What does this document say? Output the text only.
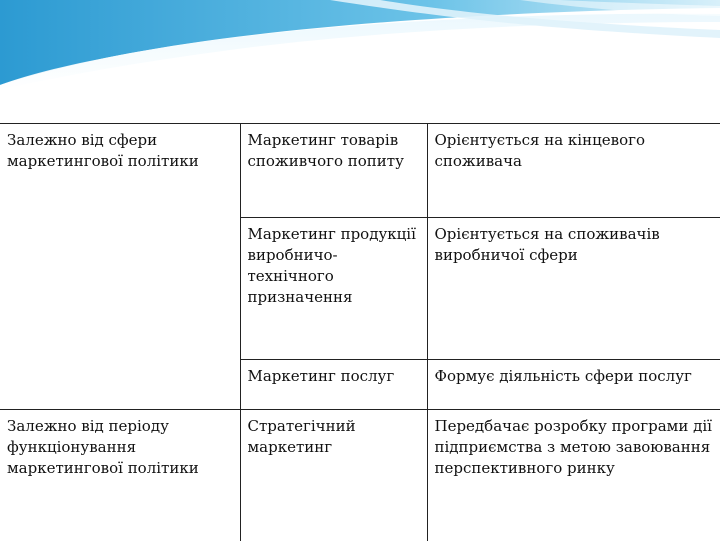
Залежно від сфери маркетингової політики	Маркетинг товарів споживчого попиту	Орієнтується на кінцевого споживача
	Маркетинг продукції виробничо-технічного призначення	Орієнтується на споживачів виробничої сфери
	Маркетинг послуг	Формує діяльність сфери послуг
Залежно від періоду функціонування маркетингової політики	Стратегічний маркетинг	Передбачає розробку програми дії підприємства з метою завоювання перспективного ринку
